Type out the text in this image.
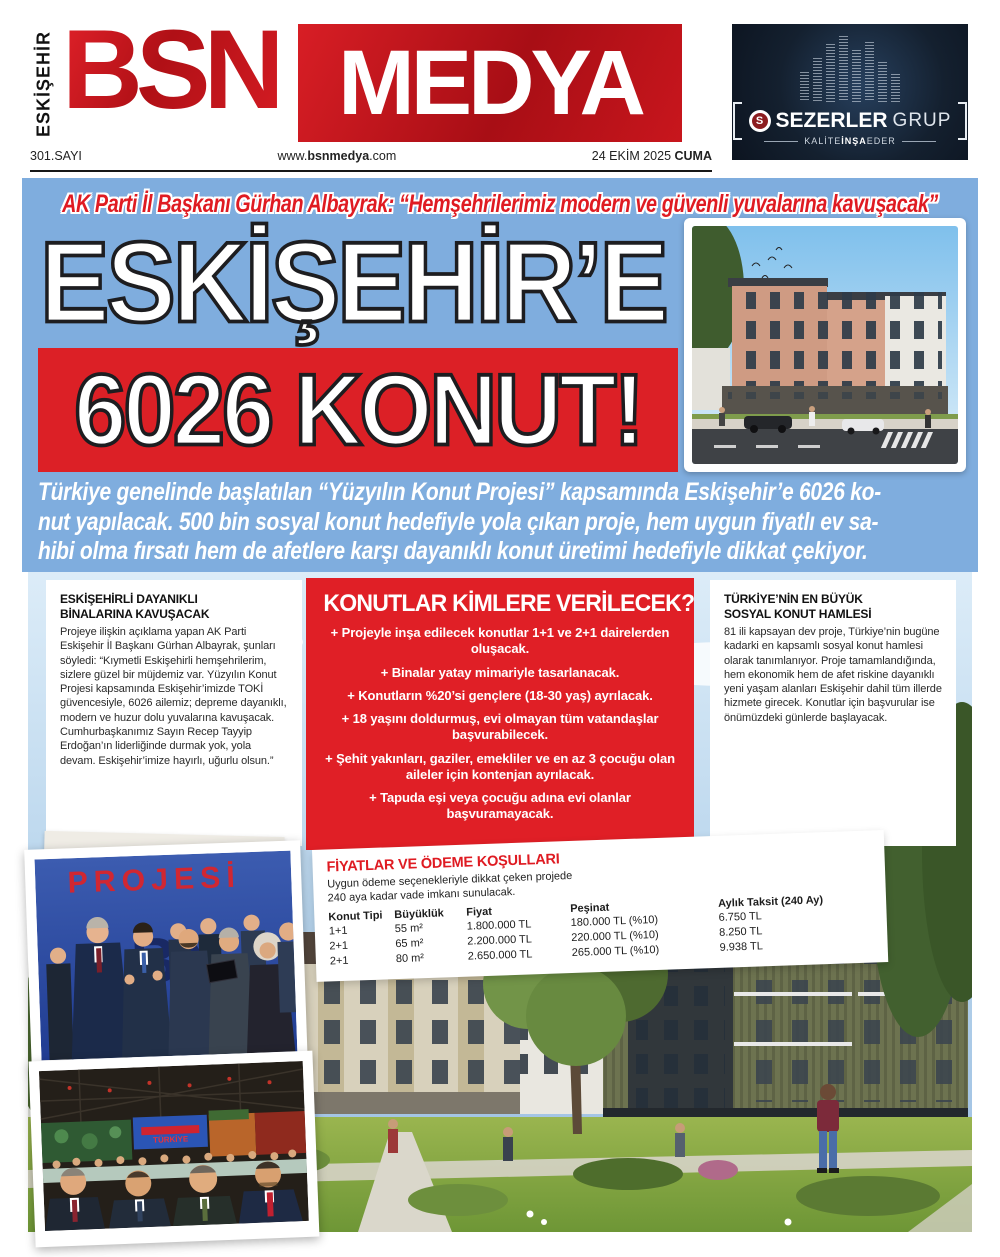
ESKİŞEHİR BSN MEDYA
301.SAYI	www.bsnmedya.com	24 EKİM 2025 CUMA
S SEZERLER GRUP
KALİTEİNŞAEDER
AK Parti İl Başkanı Gürhan Albayrak: “Hemşehrilerimiz modern ve güvenli yuvalarına kavuşacak”
ESKİŞEHİR’E
6026 KONUT!
Türkiye genelinde başlatılan “Yüzyılın Konut Projesi” kapsamında Eskişehir’e 6026 ko-
nut yapılacak. 500 bin sosyal konut hedefiyle yola çıkan proje, hem uygun fiyatlı ev sa-
hibi olma fırsatı hem de afetlere karşı dayanıklı konut üretimi hedefiyle dikkat çekiyor.
ESKİŞEHİRLİ DAYANIKLI
BİNALARINA KAVUŞACAK
Projeye ilişkin açıklama yapan AK Parti Eskişehir İl Başkanı Gürhan Albayrak, şunları söyledi: “Kıymetli Eskişehirli hemşehrilerim, sizlere güzel bir müjdemiz var. Yüzyılın Konut Projesi kapsamında Eskişehir’imizde TOKİ güvencesiyle, 6026 ailemiz; depreme dayanıklı, modern ve huzur dolu yuvalarına kavuşacak. Cumhurbaşkanımız Sayın Recep Tayyip Erdoğan’ın liderliğinde durmak yok, yola devam. Eskişehir’imize hayırlı, uğurlu olsun.”
KONUTLAR KİMLERE VERİLECEK?
+ Projeyle inşa edilecek konutlar 1+1 ve 2+1 dairelerden oluşacak.
+ Binalar yatay mimariyle tasarlanacak.
+ Konutların %20’si gençlere (18-30 yaş) ayrılacak.
+ 18 yaşını doldurmuş, evi olmayan tüm vatandaşlar başvurabilecek.
+ Şehit yakınları, gaziler, emekliler ve en az 3 çocuğu olan aileler için kontenjan ayrılacak.
+ Tapuda eşi veya çocuğu adına evi olanlar başvuramayacak.
TÜRKİYE’NİN EN BÜYÜK
SOSYAL KONUT HAMLESİ
81 ili kapsayan dev proje, Türkiye’nin bugüne kadarki en kapsamlı sosyal konut hamlesi olarak tanımlanıyor. Proje tamamlandığında, hem ekonomik hem de afet riskine dayanıklı yeni yaşam alanları Eskişehir dahil tüm illerde hizmete girecek. Konutlar için başvurular ise önümüzdeki günlerde başlayacak.
FİYATLAR VE ÖDEME KOŞULLARI
Uygun ödeme seçenekleriyle dikkat çeken projede
240 aya kadar vade imkanı sunulacak.
Konut Tipi	Büyüklük	Fiyat	Peşinat	Aylık Taksit (240 Ay)
1+1	55 m²	1.800.000 TL	180.000 TL (%10)	6.750 TL
2+1	65 m²	2.200.000 TL	220.000 TL (%10)	8.250 TL
2+1	80 m²	2.650.000 TL	265.000 TL (%10)	9.938 TL
PROJESİ
TÜRKİYE
